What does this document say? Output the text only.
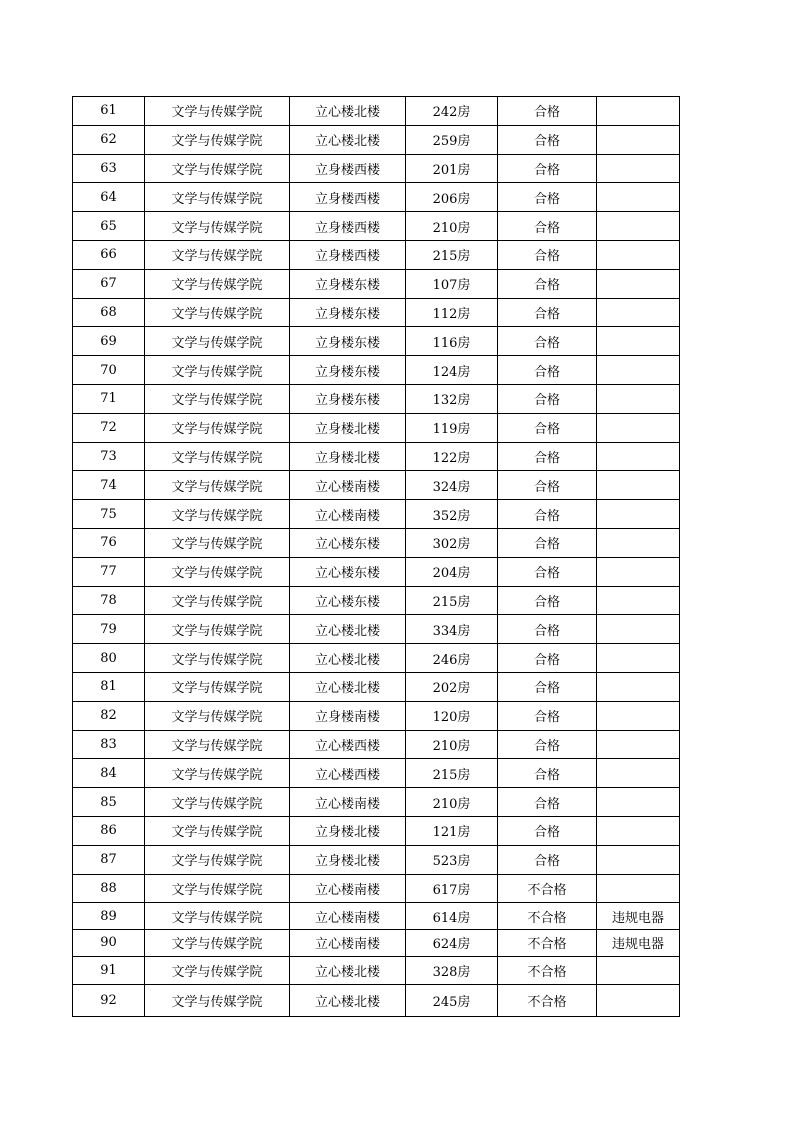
61	文学与传媒学院	立心楼北楼	242房	合格	
62	文学与传媒学院	立心楼北楼	259房	合格	
63	文学与传媒学院	立身楼西楼	201房	合格	
64	文学与传媒学院	立身楼西楼	206房	合格	
65	文学与传媒学院	立身楼西楼	210房	合格	
66	文学与传媒学院	立身楼西楼	215房	合格	
67	文学与传媒学院	立身楼东楼	107房	合格	
68	文学与传媒学院	立身楼东楼	112房	合格	
69	文学与传媒学院	立身楼东楼	116房	合格	
70	文学与传媒学院	立身楼东楼	124房	合格	
71	文学与传媒学院	立身楼东楼	132房	合格	
72	文学与传媒学院	立身楼北楼	119房	合格	
73	文学与传媒学院	立身楼北楼	122房	合格	
74	文学与传媒学院	立心楼南楼	324房	合格	
75	文学与传媒学院	立心楼南楼	352房	合格	
76	文学与传媒学院	立心楼东楼	302房	合格	
77	文学与传媒学院	立心楼东楼	204房	合格	
78	文学与传媒学院	立心楼东楼	215房	合格	
79	文学与传媒学院	立心楼北楼	334房	合格	
80	文学与传媒学院	立心楼北楼	246房	合格	
81	文学与传媒学院	立心楼北楼	202房	合格	
82	文学与传媒学院	立身楼南楼	120房	合格	
83	文学与传媒学院	立心楼西楼	210房	合格	
84	文学与传媒学院	立心楼西楼	215房	合格	
85	文学与传媒学院	立心楼南楼	210房	合格	
86	文学与传媒学院	立身楼北楼	121房	合格	
87	文学与传媒学院	立身楼北楼	523房	合格	
88	文学与传媒学院	立心楼南楼	617房	不合格	
89	文学与传媒学院	立心楼南楼	614房	不合格	违规电器
90	文学与传媒学院	立心楼南楼	624房	不合格	违规电器
91	文学与传媒学院	立心楼北楼	328房	不合格	
92	文学与传媒学院	立心楼北楼	245房	不合格	
